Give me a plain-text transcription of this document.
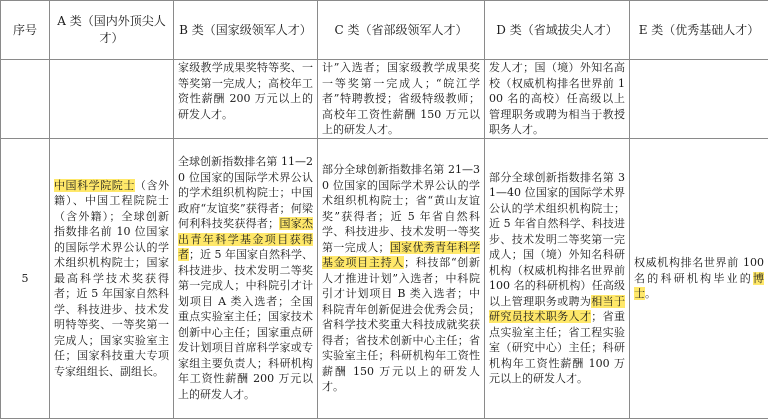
序号	A 类（国内外顶尖人才）	B 类（国家级领军人才）	C 类（省部级领军人才）	D 类（省域拔尖人才）	E 类（优秀基础人才）

		家级教学成果奖特等奖、一等奖第一完成人；高校年工资性薪酬 200 万元以上的研发人才。	计”入选者；国家级教学成果奖一等奖第一完成人；“皖江学者”特聘教授；省级特级教师；高校年工资性薪酬 150 万元以上的研发人才。	发人才；国（境）外知名高校（权威机构排名世界前 100 名的高校）任高级以上管理职务或聘为相当于教授职务人才。	

5	中国科学院院士（含外籍）、中国工程院院士（含外籍）；全球创新指数排名前 10 位国家的国际学术界公认的学术组织机构院士；国家最高科学技术奖获得者；近 5 年国家自然科学、科技进步、技术发明特等奖、一等奖第一完成人；国家实验室主任；国家科技重大专项专家组组长、副组长。	全球创新指数排名第 11—20 位国家的国际学术界公认的学术组织机构院士；中国政府“友谊奖”获得者；何梁何利科技奖获得者；国家杰出青年科学基金项目获得者；近 5 年国家自然科学、科技进步、技术发明二等奖第一完成人；中科院引才计划项目 A 类入选者；全国重点实验室主任；国家技术创新中心主任；国家重点研发计划项目首席科学家或专家组主要负责人；科研机构年工资性薪酬 200 万元以上的研发人才。	部分全球创新指数排名第 21—30 位国家的国际学术界公认的学术组织机构院士；省“黄山友谊奖”获得者；近 5 年省自然科学、科技进步、技术发明一等奖第一完成人；国家优秀青年科学基金项目主持人；科技部“创新人才推进计划”入选者；中科院引才计划项目 B 类入选者；中科院青年创新促进会优秀会员；省科学技术奖重大科技成就奖获得者；省技术创新中心主任；省实验室主任；科研机构年工资性薪酬 150 万元以上的研发人才。	部分全球创新指数排名第 31—40 位国家的国际学术界公认的学术组织机构院士；近 5 年省自然科学、科技进步、技术发明二等奖第一完成人；国（境）外知名科研机构（权威机构排名世界前 100 名的科研机构）任高级以上管理职务或聘为相当于研究员技术职务人才；省重点实验室主任；省工程实验室（研究中心）主任；科研机构年工资性薪酬 100 万元以上的研发人才。	权威机构排名世界前 100 名的科研机构毕业的博士。
